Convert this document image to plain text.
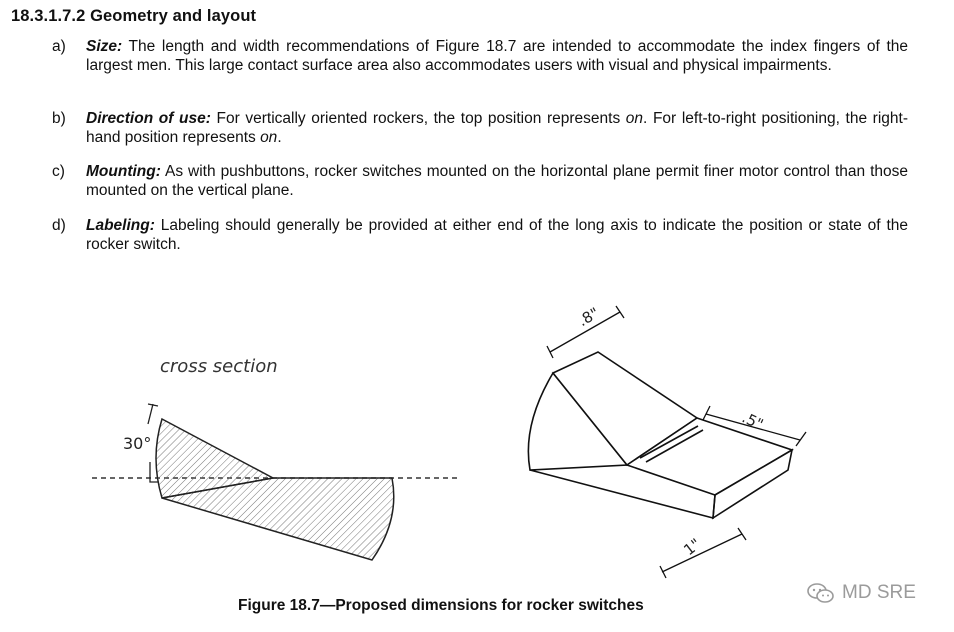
18.3.1.7.2 Geometry and layout
a) Size: The length and width recommendations of Figure 18.7 are intended to accommodate the index fingers of the largest men. This large contact surface area also accommodates users with visual and physical impairments.
b) Direction of use: For vertically oriented rockers, the top position represents on. For left-to-right positioning, the right-hand position represents on.
c) Mounting: As with pushbuttons, rocker switches mounted on the horizontal plane permit finer motor control than those mounted on the vertical plane.
d) Labeling: Labeling should generally be provided at either end of the long axis to indicate the position or state of the rocker switch.
cross section
30°
.8"
.5"
1"
Figure 18.7—Proposed dimensions for rocker switches
MD SRE
